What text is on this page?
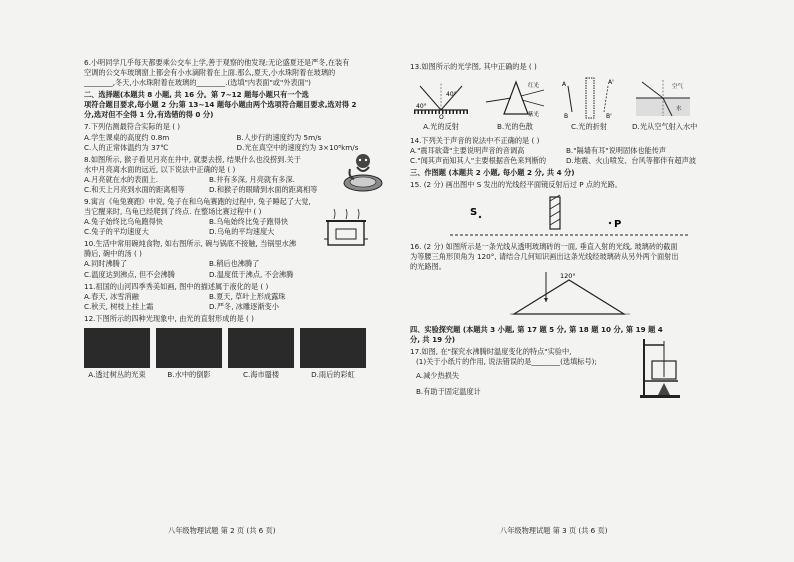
6.小明同学几乎每天都要乘公交车上学,善于观察的他发现:无论盛夏还是严冬,在装有
空调的公交车玻璃窗上都会有小水滴附着在上面.那么,夏天,小水珠附着在玻璃的
________,冬天,小水珠附着在玻璃的________.(选填"内表面"或"外表面")
二、选择题(本题共 8 小题, 共 16 分。第 7~12 题每小题只有一个选
项符合题目要求,每小题 2 分;第 13~14 题每小题由两个选项符合题目要求,选对得 2
分,选对但不全得 1 分,有选错的得 0 分)
7.下列估测最符合实际的是 ( )
A.学生课桌的高度约 0.8m	B.人步行的速度约为 5m/s
C.人的正常体温约为 37℃	D.光在真空中的速度约为 3×10⁸km/s
8.如图所示, 猴子看见月亮在井中, 就要去捞, 结果什么也没捞到.关于
水中月亮离水面的远近, 以下说法中正确的是 ( )
A.月亮就在水的表面上.	B.井有多深, 月亮就有多深.
C.和天上月亮到水面的距离相等	D.和猴子的眼睛到水面的距离相等
9.寓言《龟兔赛跑》中说, 兔子在和乌龟赛跑的过程中, 兔子睡起了大觉,
当它醒来时, 乌龟已经爬到了终点. 在整场比赛过程中 ( )
A.兔子始终比乌龟跑得快	B.乌龟始终比兔子跑得快
C.兔子的平均速度大	D.乌龟的平均速度大
10.生活中常用碗炖食物, 如右图所示, 碗与锅底不接触, 当锅里水沸
腾后, 碗中的汤 ( )
A.同时沸腾了	B.稍后也沸腾了
C.温度达到沸点, 但不会沸腾	D.温度低于沸点, 不会沸腾
11.祖国的山河四季秀美如画, 图中的描述属于液化的是 ( )
A.春天, 冰雪消融	B.夏天, 草叶上形成露珠
C.秋天, 树枝上挂上霜	D.严冬, 冰雕逐渐变小
12.下图所示的四种光现象中, 由光的直射形成的是 ( )
A.透过树丛的光束	B.水中的倒影	C.海市蜃楼	D.雨后的彩虹
八年级物理试题 第 2 页 (共 6 页)
13.如图所示的光学图, 其中正确的是 ( )
40°
40°
O
红光
紫光
A	A'
B	B'
空气
水
A.光的反射	B.光的色散	C.光的折射	D.光从空气射入水中
14.下列关于声音的说法中不正确的是 ( )
A."震耳欲聋"主要说明声音的音调高	B."隔墙有耳"说明固体也能传声
C."闻其声而知其人"主要根据音色来判断的	D.地震、火山喷发、台风等都伴有超声波
三、作图题 (本题共 2 小题, 每小题 2 分, 共 4 分)
15. (2 分) 画出图中 S 发出的光线经平面镜反射后过 P 点的光路。
S
P
16. (2 分) 如图所示是一条光线从透明玻璃砖的一面, 垂直入射的光线, 玻璃砖的截面
为等腰三角形顶角为 120°, 请结合几何知识画出这条光线经玻璃砖从另外两个面射出
的光路图。
120°
四、实验探究题 (本题共 3 小题, 第 17 题 5 分, 第 18 题 10 分, 第 19 题 4
分, 共 19 分)
17.如图, 在"探究水沸腾时温度变化的特点"实验中,
(1)关于小纸片的作用, 说法错误的是________(选填标号);
A.减少热损失
B.有助于固定温度计
八年级物理试题 第 3 页 (共 6 页)
